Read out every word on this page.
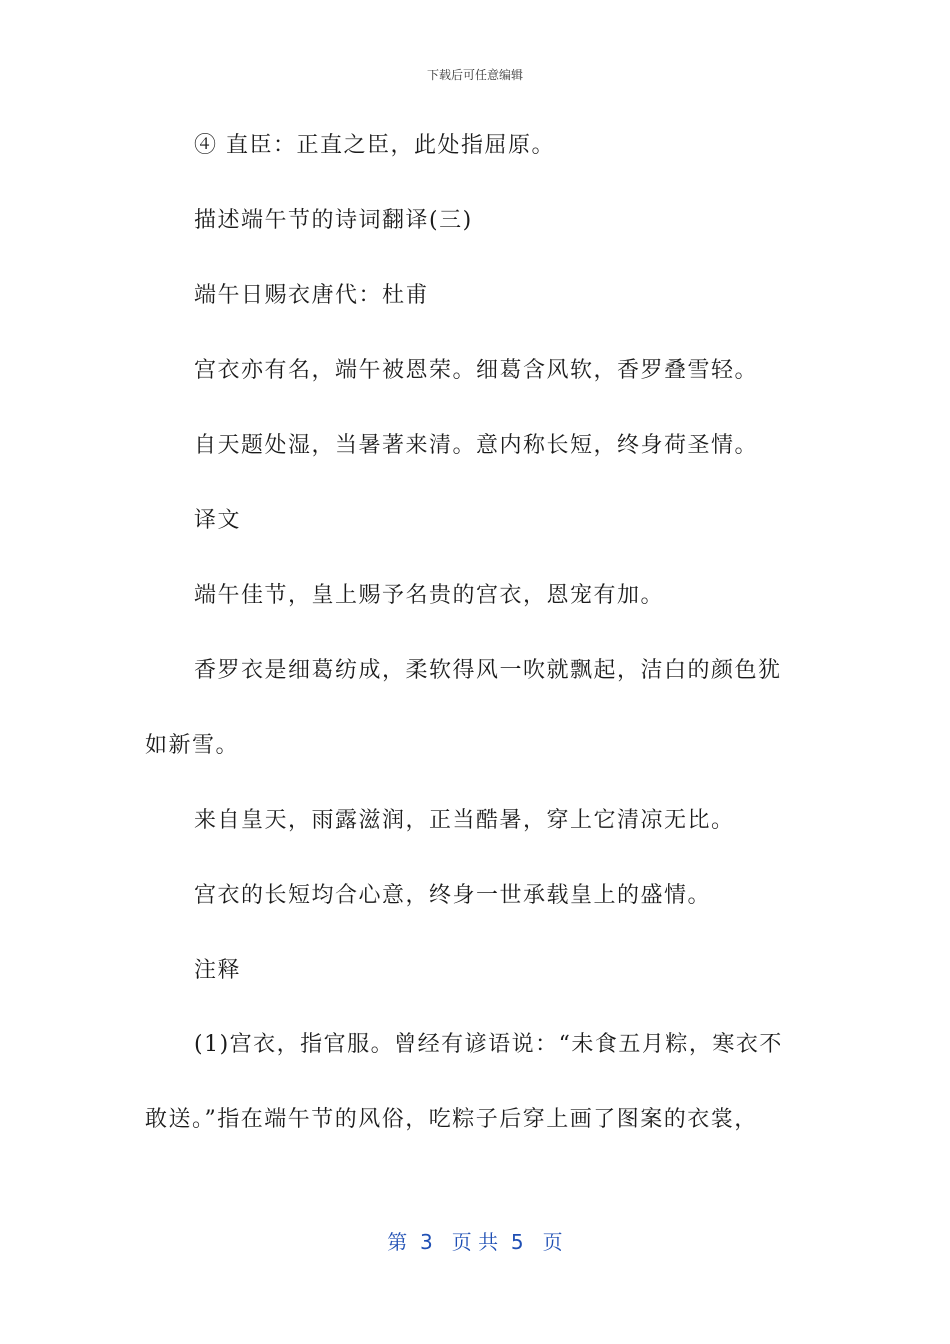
下载后可任意编辑
④ 直臣：正直之臣，此处指屈原。
描述端午节的诗词翻译(三)
端午日赐衣唐代：杜甫
宫衣亦有名，端午被恩荣。细葛含风软，香罗叠雪轻。
自天题处湿，当暑著来清。意内称长短，终身荷圣情。
译文
端午佳节，皇上赐予名贵的宫衣，恩宠有加。
香罗衣是细葛纺成，柔软得风一吹就飘起，洁白的颜色犹
如新雪。
来自皇天，雨露滋润，正当酷暑，穿上它清凉无比。
宫衣的长短均合心意，终身一世承载皇上的盛情。
注释
(1)宫衣，指官服。曾经有谚语说：“未食五月粽，寒衣不
敢送。”指在端午节的风俗，吃粽子后穿上画了图案的衣裳，
第  3   页 共  5   页
